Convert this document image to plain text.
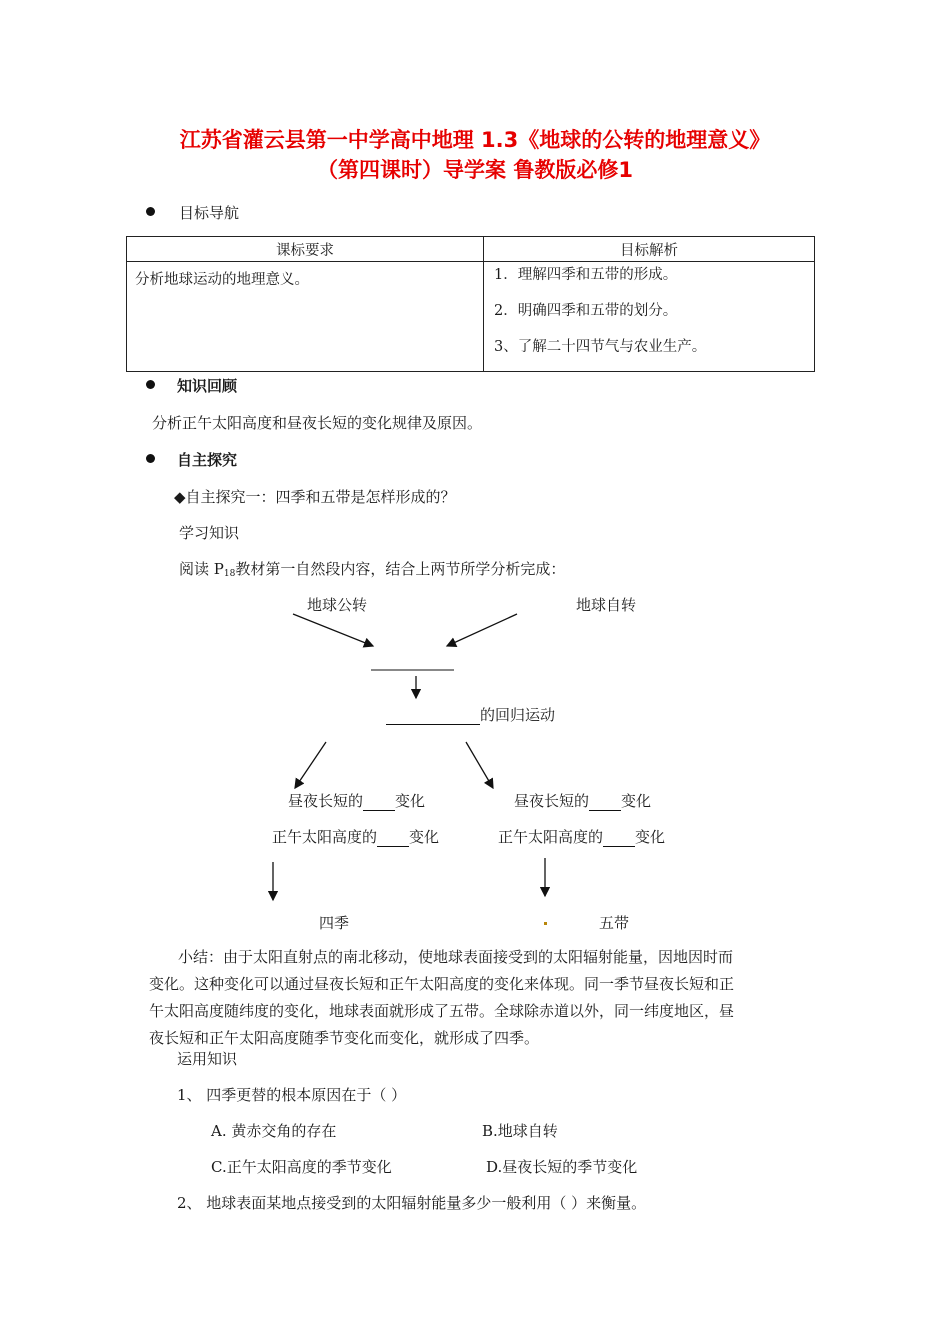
江苏省灌云县第一中学高中地理 1.3《地球的公转的地理意义》
（第四课时）导学案 鲁教版必修1
目标导航
课标要求	目标解析
分析地球运动的地理意义。	1．理解四季和五带的形成。
2．明确四季和五带的划分。
3、了解二十四节气与农业生产。
知识回顾
分析正午太阳高度和昼夜长短的变化规律及原因。
自主探究
◆自主探究一：四季和五带是怎样形成的？
学习知识
阅读 $P_{18}$教材第一自然段内容，结合上两节所学分析完成：
地球公转	地球自转
的回归运动
昼夜长短的 变化	昼夜长短的 变化
正午太阳高度的 变化	正午太阳高度的 变化
四季	五带
小结：由于太阳直射点的南北移动，使地球表面接受到的太阳辐射能量，因地因时而
变化。这种变化可以通过昼夜长短和正午太阳高度的变化来体现。同一季节昼夜长短和正
午太阳高度随纬度的变化，地球表面就形成了五带。全球除赤道以外，同一纬度地区，昼
夜长短和正午太阳高度随季节变化而变化，就形成了四季。
运用知识
1、 四季更替的根本原因在于（ ）
A. 黄赤交角的存在	B.地球自转
C.正午太阳高度的季节变化	D.昼夜长短的季节变化
2、 地球表面某地点接受到的太阳辐射能量多少一般利用（ ）来衡量。
